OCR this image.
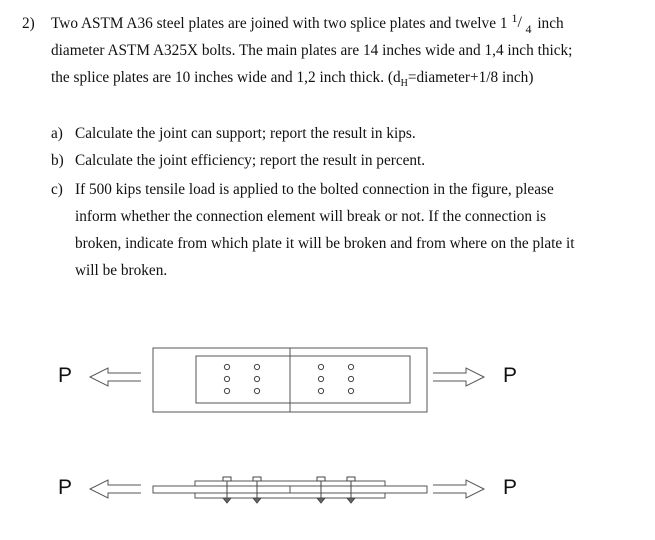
2) Two ASTM A36 steel plates are joined with two splice plates and twelve 1 1 / 4 inch
diameter ASTM A325X bolts. The main plates are 14 inches wide and 1,4 inch thick;
the splice plates are 10 inches wide and 1,2 inch thick. ($d_H=diameter+1/8$ inch)
a) Calculate the joint can support; report the result in kips.
b) Calculate the joint efficiency; report the result in percent.
c) If 500 kips tensile load is applied to the bolted connection in the figure, please
inform whether the connection element will break or not. If the connection is
broken, indicate from which plate it will be broken and from where on the plate it
will be broken.
P	P
P	P
